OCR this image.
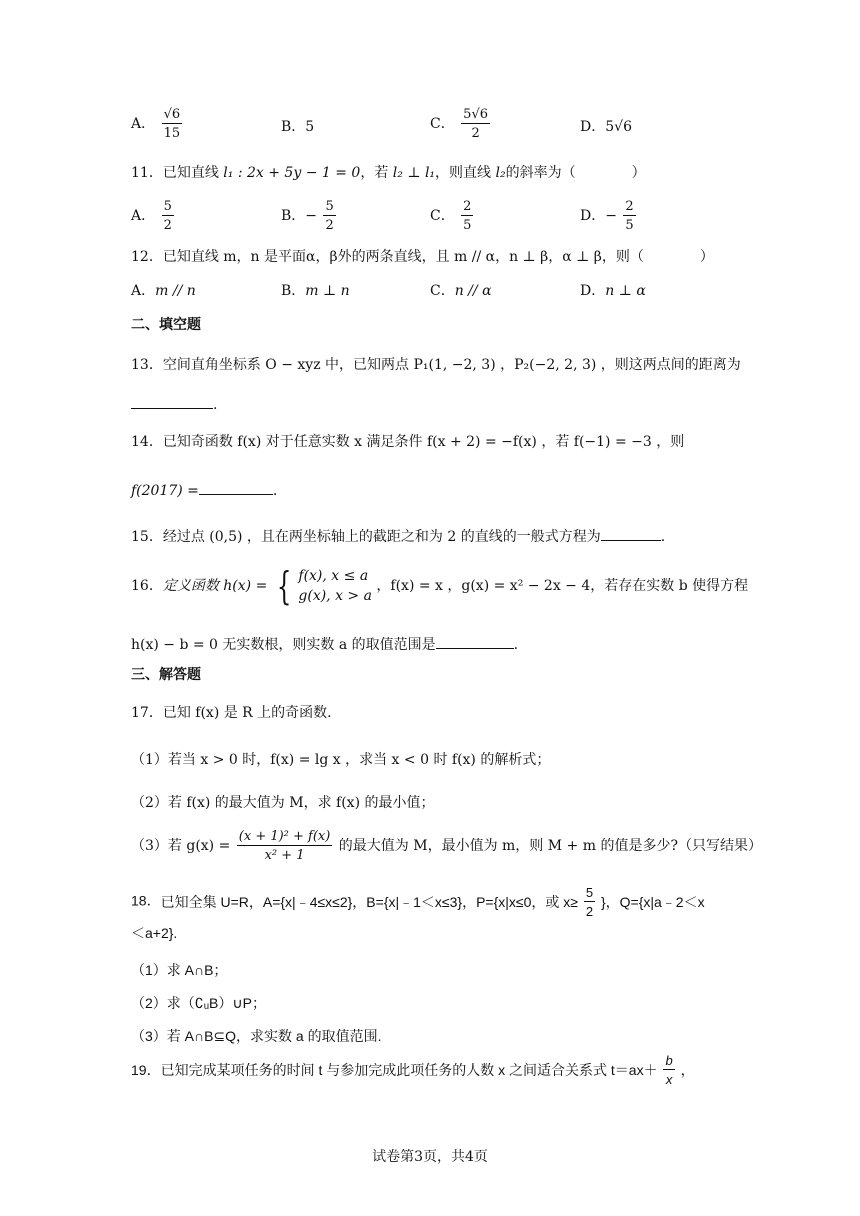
A． $\frac{√6}{15}$	B．5	C． $\frac{5√6}{2}$	D．5√6
11．已知直线 l₁ : 2x + 5y − 1 = 0，若 l₂ ⊥ l₁，则直线 l₂的斜率为（　　　　）
A． $\frac{5}{2}$	B．− $\frac{5}{2}$	C． $\frac{2}{5}$	D．− $\frac{2}{5}$
12．已知直线 m，n 是平面α，β外的两条直线，且 m // α，n ⊥ β，α ⊥ β，则（　　　　）
A．m // n	B．m ⊥ n	C．n // α	D．n ⊥ α
二、填空题
13．空间直角坐标系 O − xyz 中，已知两点 P₁(1, −2, 3) ，P₂(−2, 2, 3) ，则这两点间的距离为
.
14．已知奇函数 f(x) 对于任意实数 x 满足条件 f(x + 2) = −f(x) ，若 f(−1) = −3 ，则
f(2017) =	.
15．经过点 (0,5) ，且在两坐标轴上的截距之和为 2 的直线的一般式方程为	.
16．定义函数 h(x) = { f(x), x ≤ a
g(x), x > a
，f(x) = x ，g(x) = x² − 2x − 4，若存在实数 b 使得方程
h(x) − b = 0 无实数根，则实数 a 的取值范围是	.
三、解答题
17．已知 f(x) 是 R 上的奇函数.
（1）若当 x > 0 时，f(x) = lg x ，求当 x < 0 时 f(x) 的解析式；
（2）若 f(x) 的最大值为 M，求 f(x) 的最小值；
（3）若 $g(x) = \frac{\text{(x + 1)² + f(x)}}{\text{x² + 1}}$ 的最大值为 M，最小值为 m，则 M + m 的值是多少?（只写结果）
18．已知全集 U=R，A={x|﹣4≤x≤2}，B={x|﹣1＜x≤3}，P={x|x≤0，或 $x\ge \frac{5}{2}$ }，Q={x|a﹣2＜x
＜a+2}.
（1）求 A∩B；
（2）求（∁ᵤB）∪P；
（3）若 A∩B⊆Q，求实数 a 的取值范围.
19．已知完成某项任务的时间 t 与参加完成此项任务的人数 x 之间适合关系式 $t=ax+ \frac{b}{x}$ ，
试卷第3页，共4页
